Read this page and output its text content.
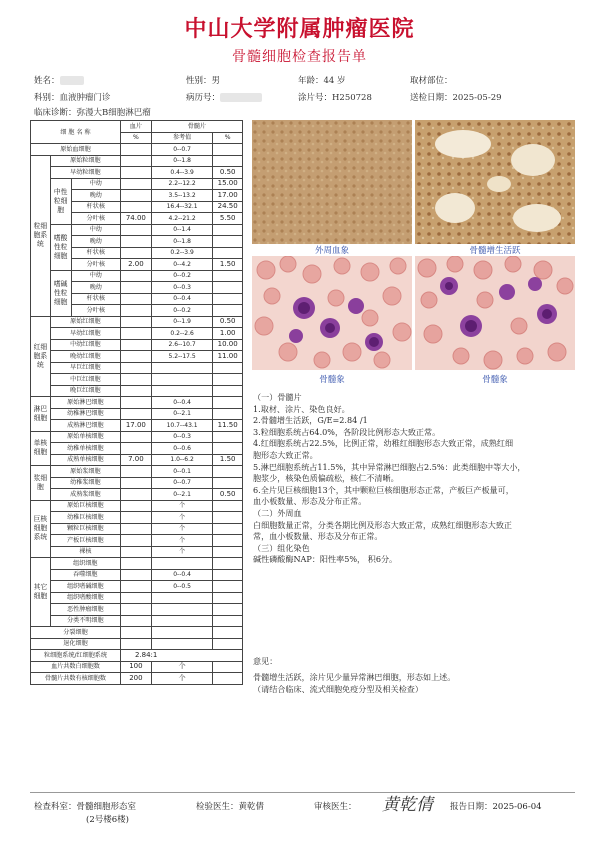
中山大学附属肿瘤医院
骨髓细胞检查报告单
姓名：	性别：男	年龄：44 岁	取材部位：
科别：血液肿瘤门诊	病历号：	涂片号：H250728	送检日期：2025-05-29
临床诊断：弥漫大B细胞淋巴瘤
细 胞 名 称			血片	骨髓片	
			%	参考值	%
原始血细胞				0--0.7	
粒细胞系统	原始粒细胞			0--1.8	
	早幼粒细胞			0.4--3.9	0.50
	中性粒细胞	中幼		2.2--12.2	15.00
		晚幼		3.5--13.2	17.00
		杆状核		16.4--32.1	24.50
		分叶核	74.00	4.2--21.2	5.50
	嗜酸性粒细胞	中幼		0--1.4	
		晚幼		0--1.8	
		杆状核		0.2--3.9	
		分叶核	2.00	0--4.2	1.50
	嗜碱性粒细胞	中幼		0--0.2	
		晚幼		0--0.3	
		杆状核		0--0.4	
		分叶核		0--0.2	
红细胞系统	原始红细胞			0--1.9	0.50
	早幼红细胞			0.2--2.6	1.00
	中幼红细胞			2.6--10.7	10.00
	晚幼红细胞			5.2--17.5	11.00
	早巨红细胞				
	中巨红细胞				
	晚巨红细胞				
淋巴细胞	原始淋巴细胞			0--0.4	
	幼稚淋巴细胞			0--2.1	
	成熟淋巴细胞		17.00	10.7--43.1	11.50
单核细胞	原始单核细胞			0--0.3	
	幼稚单核细胞			0--0.6	
	成熟单核细胞		7.00	1.0--6.2	1.50
浆细胞	原始浆细胞			0--0.1	
	幼稚浆细胞			0--0.7	
	成熟浆细胞			0--2.1	0.50
巨核细胞系统	原始巨核细胞			个	
	幼稚巨核细胞			个	
	颗粒巨核细胞			个	
	产板巨核细胞			个	
	裸核			个	
其它细胞	组织细胞				
	吞噬细胞			0--0.4	
	组织嗜碱细胞			0--0.5	
	组织嗜酸细胞				
	恶性肿瘤细胞				
	分类不明细胞				
分裂细胞					
退化细胞					
粒细胞系统/红细胞系统			2.84:1		
血片共数白细胞数			100	个	
骨髓片共数有核细胞数			200	个	
外周血象	骨髓增生活跃
骨髓象	骨髓象
（一）骨髓片
1.取材、涂片、染色良好。
2.骨髓增生活跃，G/E=2.84 /1
3.粒细胞系统占64.0%，各阶段比例形态大致正常。
4.红细胞系统占22.5%，比例正常，幼稚红细胞形态大致正常，成熟红细
胞形态大致正常。
5.淋巴细胞系统占11.5%，其中异常淋巴细胞占2.5%：此类细胞中等大小，
胞浆少，核染色质偏疏松，核仁不清晰。
6.全片见巨核细胞13个，其中颗粒巨核细胞形态正常，产板巨产板量可，
血小板数量、形态及分布正常。
（二）外周血
白细胞数量正常，分类各期比例及形态大致正常，成熟红细胞形态大致正
常，血小板数量、形态及分布正常。
（三）组化染色
碱性磷酸酶NAP：阳性率5%， 积6分。
意见：
骨髓增生活跃，涂片见少量异常淋巴细胞，形态如上述。
（请结合临床、流式细胞免疫分型及相关检查）
检查科室：骨髓细胞形态室
(2号楼6楼)
检验医生：黄乾倩	审核医生： 黄乾倩 报告日期：2025-06-04
